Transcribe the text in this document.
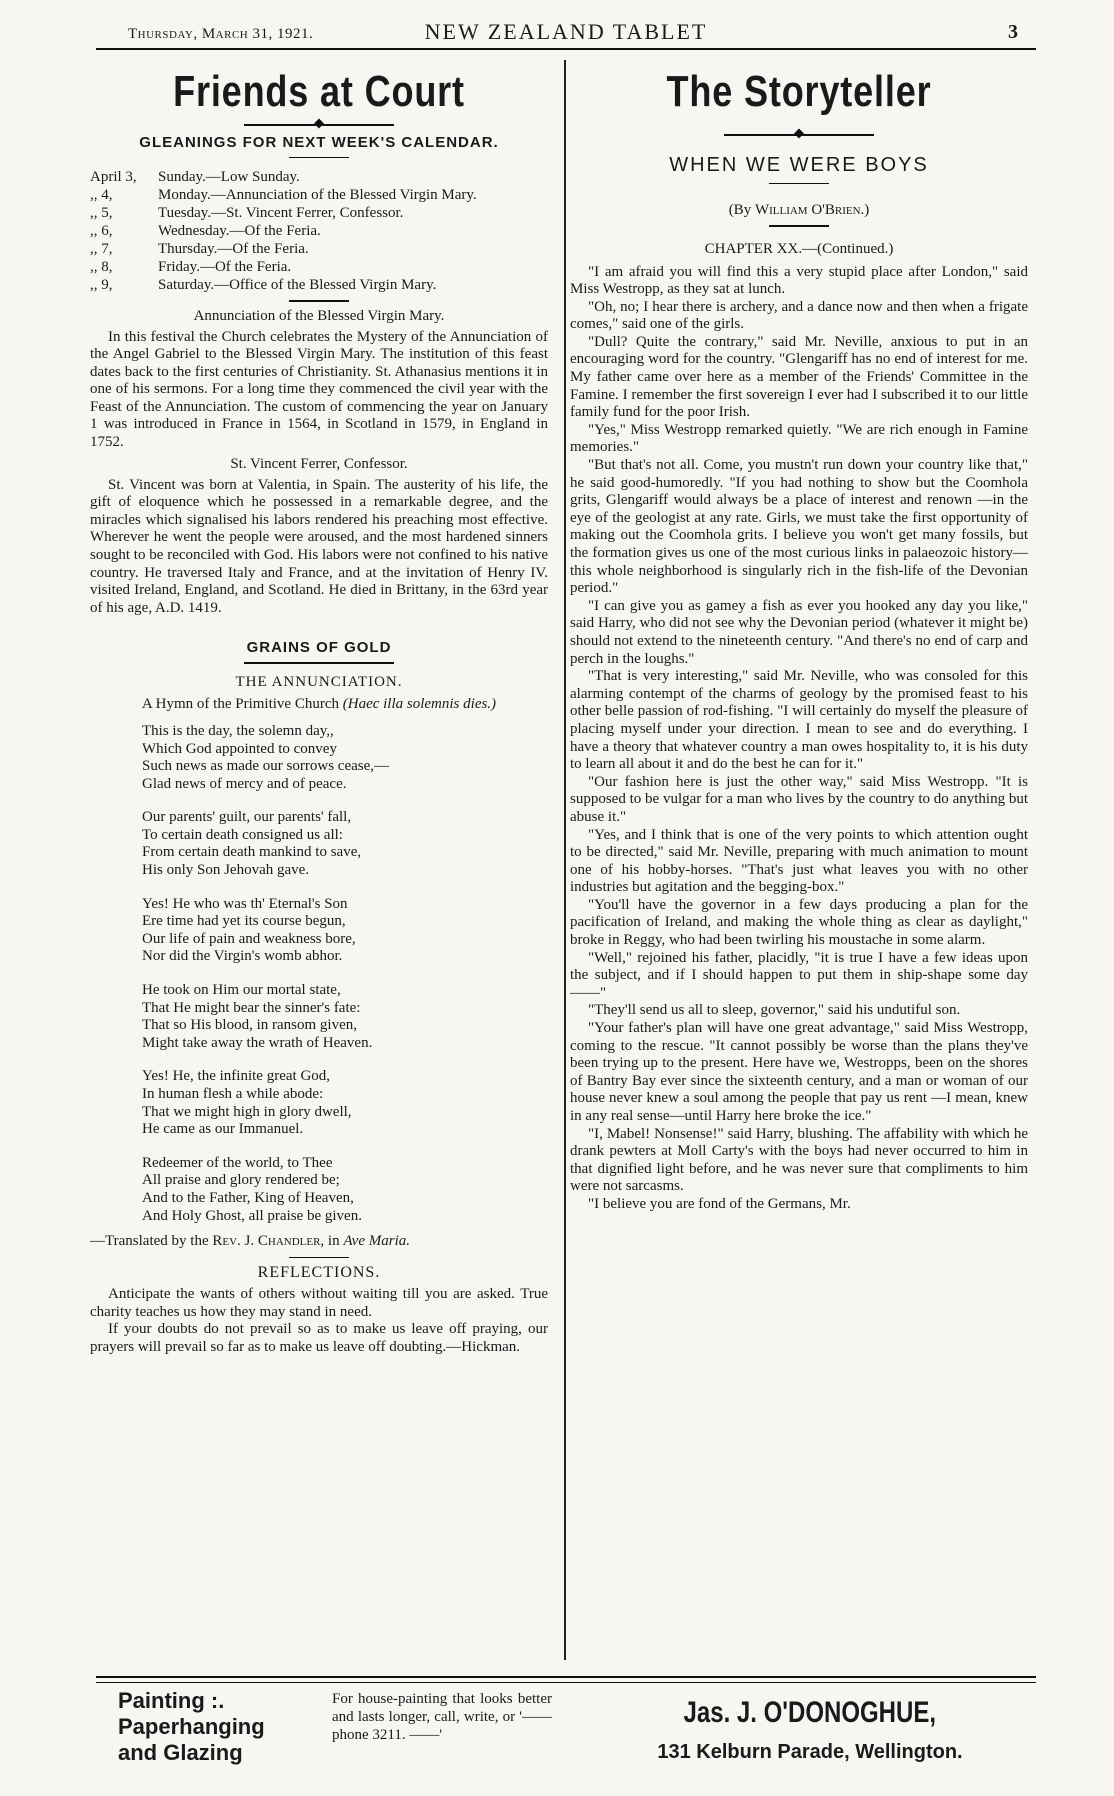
Thursday, March 31, 1921.	NEW ZEALAND TABLET	3
Friends at Court
GLEANINGS FOR NEXT WEEK'S CALENDAR.
April 3,	Sunday.—Low Sunday.
,, 4,	Monday.—Annunciation of the Blessed Virgin Mary.
,, 5,	Tuesday.—St. Vincent Ferrer, Confessor.
,, 6,	Wednesday.—Of the Feria.
,, 7,	Thursday.—Of the Feria.
,, 8,	Friday.—Of the Feria.
,, 9,	Saturday.—Office of the Blessed Virgin Mary.
Annunciation of the Blessed Virgin Mary.

In this festival the Church celebrates the Mystery of the Annunciation of the Angel Gabriel to the Blessed Virgin Mary. The institution of this feast dates back to the first centuries of Christianity. St. Athanasius mentions it in one of his sermons. For a long time they commenced the civil year with the Feast of the Annunciation. The custom of commencing the year on January 1 was introduced in France in 1564, in Scotland in 1579, in England in 1752.

St. Vincent Ferrer, Confessor.

St. Vincent was born at Valentia, in Spain. The austerity of his life, the gift of eloquence which he possessed in a remarkable degree, and the miracles which signalised his labors rendered his preaching most effective. Wherever he went the people were aroused, and the most hardened sinners sought to be reconciled with God. His labors were not confined to his native country. He traversed Italy and France, and at the invitation of Henry IV. visited Ireland, England, and Scotland. He died in Brittany, in the 63rd year of his age, A.D. 1419.

GRAINS OF GOLD
THE ANNUNCIATION.
A Hymn of the Primitive Church (Haec illa solemnis dies.)
This is the day, the solemn day,,
Which God appointed to convey
Such news as made our sorrows cease,—
Glad news of mercy and of peace.
Our parents' guilt, our parents' fall,
To certain death consigned us all:
From certain death mankind to save,
His only Son Jehovah gave.
Yes! He who was th' Eternal's Son
Ere time had yet its course begun,
Our life of pain and weakness bore,
Nor did the Virgin's womb abhor.
He took on Him our mortal state,
That He might bear the sinner's fate:
That so His blood, in ransom given,
Might take away the wrath of Heaven.
Yes! He, the infinite great God,
In human flesh a while abode:
That we might high in glory dwell,
He came as our Immanuel.
Redeemer of the world, to Thee
All praise and glory rendered be;
And to the Father, King of Heaven,
And Holy Ghost, all praise be given.
—Translated by the Rev. J. Chandler, in Ave Maria.
REFLECTIONS.

Anticipate the wants of others without waiting till you are asked. True charity teaches us how they may stand in need.

If your doubts do not prevail so as to make us leave off praying, our prayers will prevail so far as to make us leave off doubting.—Hickman.

The Storyteller
WHEN WE WERE BOYS
(By William O'Brien.)
CHAPTER XX.—(Continued.)

"I am afraid you will find this a very stupid place after London," said Miss Westropp, as they sat at lunch.

"Oh, no; I hear there is archery, and a dance now and then when a frigate comes," said one of the girls.

"Dull? Quite the contrary," said Mr. Neville, anxious to put in an encouraging word for the country. "Glengariff has no end of interest for me. My father came over here as a member of the Friends' Committee in the Famine. I remember the first sovereign I ever had I subscribed it to our little family fund for the poor Irish.

"Yes," Miss Westropp remarked quietly. "We are rich enough in Famine memories."

"But that's not all. Come, you mustn't run down your country like that," he said good-humoredly. "If you had nothing to show but the Coomhola grits, Glengariff would always be a place of interest and renown —in the eye of the geologist at any rate. Girls, we must take the first opportunity of making out the Coomhola grits. I believe you won't get many fossils, but the formation gives us one of the most curious links in palaeozoic history—this whole neighborhood is singularly rich in the fish-life of the Devonian period."

"I can give you as gamey a fish as ever you hooked any day you like," said Harry, who did not see why the Devonian period (whatever it might be) should not extend to the nineteenth century. "And there's no end of carp and perch in the loughs."

"That is very interesting," said Mr. Neville, who was consoled for this alarming contempt of the charms of geology by the promised feast to his other belle passion of rod-fishing. "I will certainly do myself the pleasure of placing myself under your direction. I mean to see and do everything. I have a theory that whatever country a man owes hospitality to, it is his duty to learn all about it and do the best he can for it."

"Our fashion here is just the other way," said Miss Westropp. "It is supposed to be vulgar for a man who lives by the country to do anything but abuse it."

"Yes, and I think that is one of the very points to which attention ought to be directed," said Mr. Neville, preparing with much animation to mount one of his hobby-horses. "That's just what leaves you with no other industries but agitation and the begging-box."

"You'll have the governor in a few days producing a plan for the pacification of Ireland, and making the whole thing as clear as daylight," broke in Reggy, who had been twirling his moustache in some alarm.

"Well," rejoined his father, placidly, "it is true I have a few ideas upon the subject, and if I should happen to put them in ship-shape some day——"

"They'll send us all to sleep, governor," said his undutiful son.

"Your father's plan will have one great advantage," said Miss Westropp, coming to the rescue. "It cannot possibly be worse than the plans they've been trying up to the present. Here have we, Westropps, been on the shores of Bantry Bay ever since the sixteenth century, and a man or woman of our house never knew a soul among the people that pay us rent —I mean, knew in any real sense—until Harry here broke the ice."

"I, Mabel! Nonsense!" said Harry, blushing. The affability with which he drank pewters at Moll Carty's with the boys had never occurred to him in that dignified light before, and he was never sure that compliments to him were not sarcasms.

"I believe you are fond of the Germans, Mr.

Painting :.
Paperhanging
and Glazing
For house-painting that looks better and lasts longer, call, write, or '—— phone 3211. ——'
Jas. J. O'DONOGHUE,
131 Kelburn Parade, Wellington.
